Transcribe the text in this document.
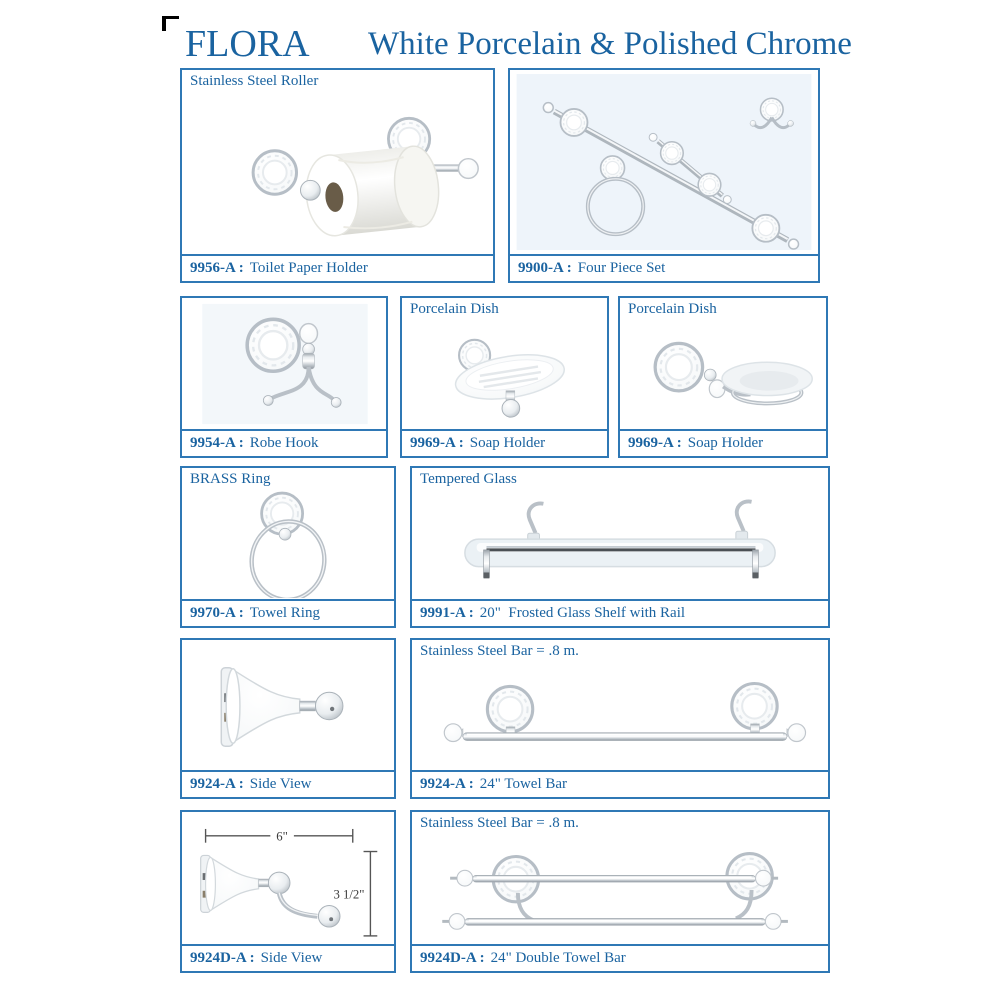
FLORA White Porcelain & Polished Chrome
Stainless Steel Roller
9956-A : Toilet Paper Holder	9900-A : Four Piece Set
9954-A : Robe Hook
Porcelain Dish
9969-A : Soap Holder
Porcelain Dish
9969-A : Soap Holder
BRASS Ring
9970-A : Towel Ring
Tempered Glass
9991-A : 20"  Frosted Glass Shelf with Rail
9924-A : Side View
Stainless Steel Bar = .8 m.
9924-A : 24" Towel Bar
6"
3 1/2"
9924D-A : Side View
Stainless Steel Bar = .8 m.
9924D-A : 24" Double Towel Bar
